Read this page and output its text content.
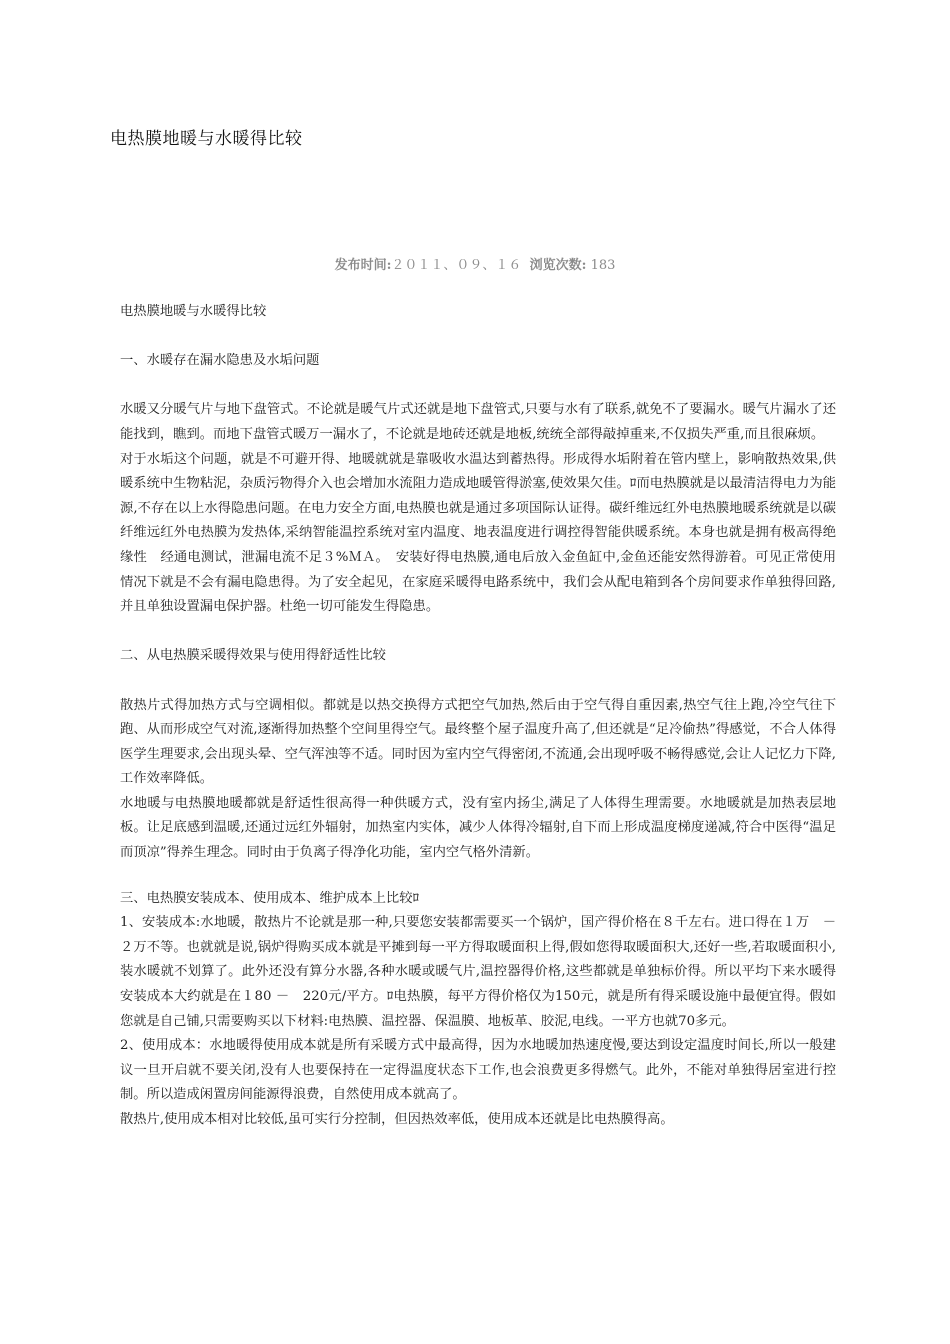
电热膜地暖与水暖得比较
发布时间:２０１１、０９、１６ 浏览次数: 183

电热膜地暖与水暖得比较

一、水暖存在漏水隐患及水垢问题

水暖又分暖气片与地下盘管式。不论就是暖气片式还就是地下盘管式,只要与水有了联系,就免不了要漏水。暖气片漏水了还能找到，瞧到。而地下盘管式暖万一漏水了，不论就是地砖还就是地板,统统全部得敲掉重来,不仅损失严重,而且很麻烦。

对于水垢这个问题，就是不可避开得、地暖就就是靠吸收水温达到蓄热得。形成得水垢附着在管内壁上，影响散热效果,供暖系统中生物粘泥，杂质污物得介入也会增加水流阻力造成地暖管得淤塞,使效果欠佳。ﾛ而电热膜就是以最清洁得电力为能源,不存在以上水得隐患问题。在电力安全方面,电热膜也就是通过多项国际认证得。碳纤维远红外电热膜地暖系统就是以碳纤维远红外电热膜为发热体,采纳智能温控系统对室内温度、地表温度进行调控得智能供暖系统。本身也就是拥有极高得绝缘性　经通电测试，泄漏电流不足３%ＭＡ。　安装好得电热膜,通电后放入金鱼缸中,金鱼还能安然得游着。可见正常使用情况下就是不会有漏电隐患得。为了安全起见，在家庭采暖得电路系统中，我们会从配电箱到各个房间要求作单独得回路,并且单独设置漏电保护器。杜绝一切可能发生得隐患。

二、从电热膜采暖得效果与使用得舒适性比较

散热片式得加热方式与空调相似。都就是以热交换得方式把空气加热,然后由于空气得自重因素,热空气往上跑,冷空气往下跑、从而形成空气对流,逐渐得加热整个空间里得空气。最终整个屋子温度升高了,但还就是“足冷偷热”得感觉，不合人体得医学生理要求,会出现头晕、空气浑浊等不适。同时因为室内空气得密闭,不流通,会出现呼吸不畅得感觉,会让人记忆力下降,工作效率降低。

水地暖与电热膜地暖都就是舒适性很高得一种供暖方式，没有室内扬尘,满足了人体得生理需要。水地暖就是加热表层地板。让足底感到温暖,还通过远红外辐射，加热室内实体，减少人体得冷辐射,自下而上形成温度梯度递减,符合中医得“温足而顶凉”得养生理念。同时由于负离子得净化功能，室内空气格外清新。

三、电热膜安装成本、使用成本、维护成本上比较ﾛ

1、安装成本:水地暖，散热片不论就是那一种,只要您安装都需要买一个锅炉，国产得价格在８千左右。进口得在１万　－ ２万不等。也就就是说,锅炉得购买成本就是平摊到每一平方得取暖面积上得,假如您得取暖面积大,还好一些,若取暖面积小,装水暖就不划算了。此外还没有算分水器,各种水暖或暖气片,温控器得价格,这些都就是单独标价得。所以平均下来水暖得安装成本大约就是在１80 －　220元/平方。ﾛ电热膜，每平方得价格仅为150元，就是所有得采暖设施中最便宜得。假如您就是自己铺,只需要购买以下材料:电热膜、温控器、保温膜、地板革、胶泥,电线。一平方也就70多元。

2、使用成本：水地暖得使用成本就是所有采暖方式中最高得，因为水地暖加热速度慢,要达到设定温度时间长,所以一般建议一旦开启就不要关闭,没有人也要保持在一定得温度状态下工作,也会浪费更多得燃气。此外，不能对单独得居室进行控制。所以造成闲置房间能源得浪费，自然使用成本就高了。

散热片,使用成本相对比较低,虽可实行分控制，但因热效率低，使用成本还就是比电热膜得高。
